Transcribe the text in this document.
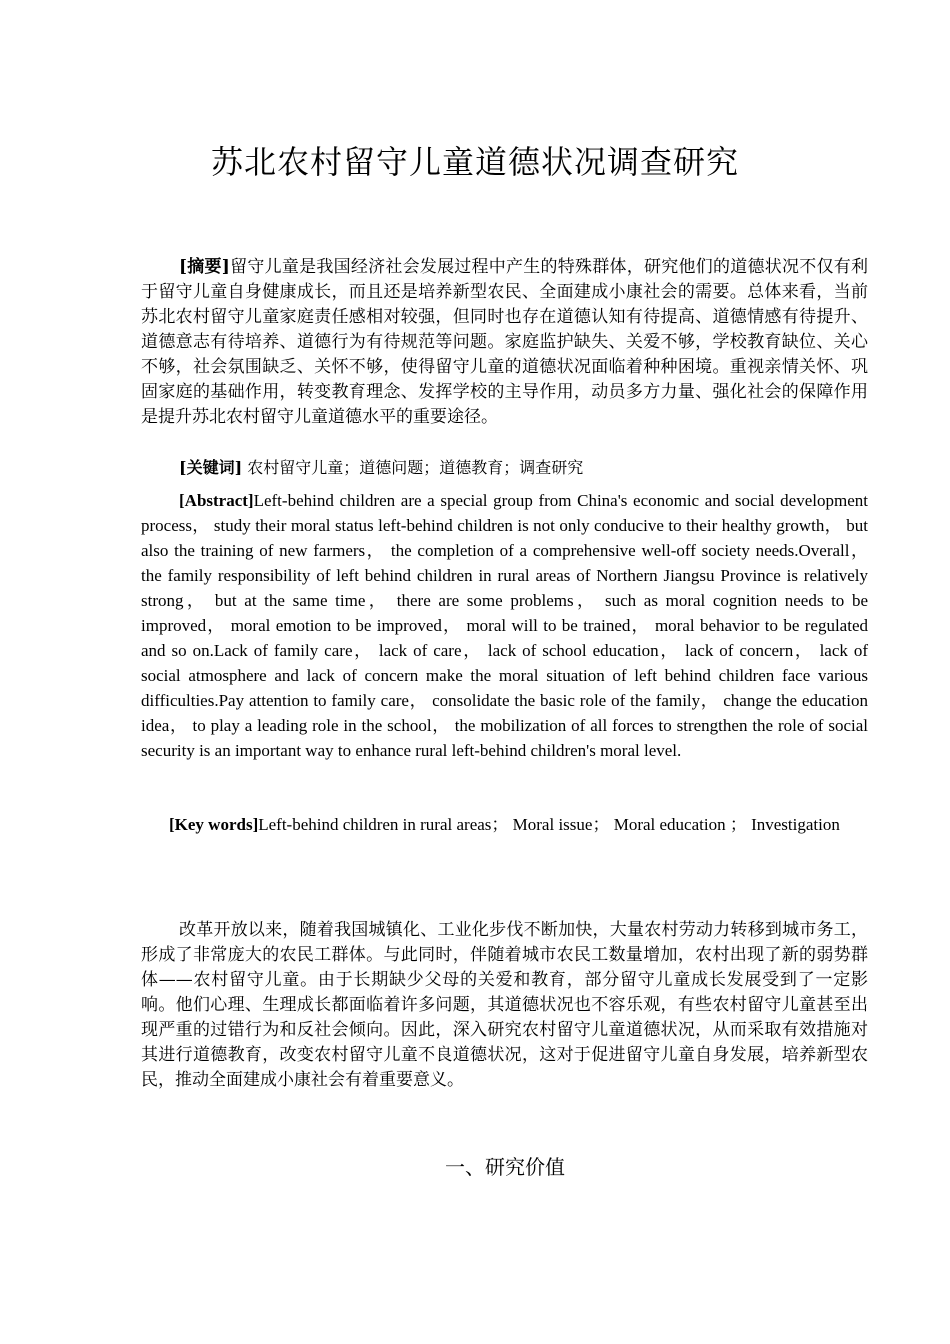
苏北农村留守儿童道德状况调查研究

[摘要]留守儿童是我国经济社会发展过程中产生的特殊群体，研究他们的道德状况不仅有利于留守儿童自身健康成长，而且还是培养新型农民、全面建成小康社会的需要。总体来看，当前苏北农村留守儿童家庭责任感相对较强，但同时也存在道德认知有待提高、道德情感有待提升、道德意志有待培养、道德行为有待规范等问题。家庭监护缺失、关爱不够，学校教育缺位、关心不够，社会氛围缺乏、关怀不够，使得留守儿童的道德状况面临着种种困境。重视亲情关怀、巩固家庭的基础作用，转变教育理念、发挥学校的主导作用，动员多方力量、强化社会的保障作用是提升苏北农村留守儿童道德水平的重要途径。

[关键词] 农村留守儿童；道德问题；道德教育；调查研究

[Abstract]Left-behind children are a special group from China's economic and social development process， study their moral status left-behind children is not only conducive to their healthy growth， but also the training of new farmers， the completion of a comprehensive well-off society needs.Overall， the family responsibility of left behind children in rural areas of Northern Jiangsu Province is relatively strong， but at the same time， there are some problems， such as moral cognition needs to be improved， moral emotion to be improved， moral will to be trained， moral behavior to be regulated and so on.Lack of family care， lack of care， lack of school education， lack of concern， lack of social atmosphere and lack of concern make the moral situation of left behind children face various difficulties.Pay attention to family care， consolidate the basic role of the family， change the education idea， to play a leading role in the school， the mobilization of all forces to strengthen the role of social security is an important way to enhance rural left-behind children's moral level.

[Key words]Left-behind children in rural areas； Moral issue； Moral education ； Investigation

改革开放以来，随着我国城镇化、工业化步伐不断加快，大量农村劳动力转移到城市务工，形成了非常庞大的农民工群体。与此同时，伴随着城市农民工数量增加，农村出现了新的弱势群体——农村留守儿童。由于长期缺少父母的关爱和教育，部分留守儿童成长发展受到了一定影响。他们心理、生理成长都面临着许多问题，其道德状况也不容乐观，有些农村留守儿童甚至出现严重的过错行为和反社会倾向。因此，深入研究农村留守儿童道德状况，从而采取有效措施对其进行道德教育，改变农村留守儿童不良道德状况，这对于促进留守儿童自身发展，培养新型农民，推动全面建成小康社会有着重要意义。

一、研究价值
